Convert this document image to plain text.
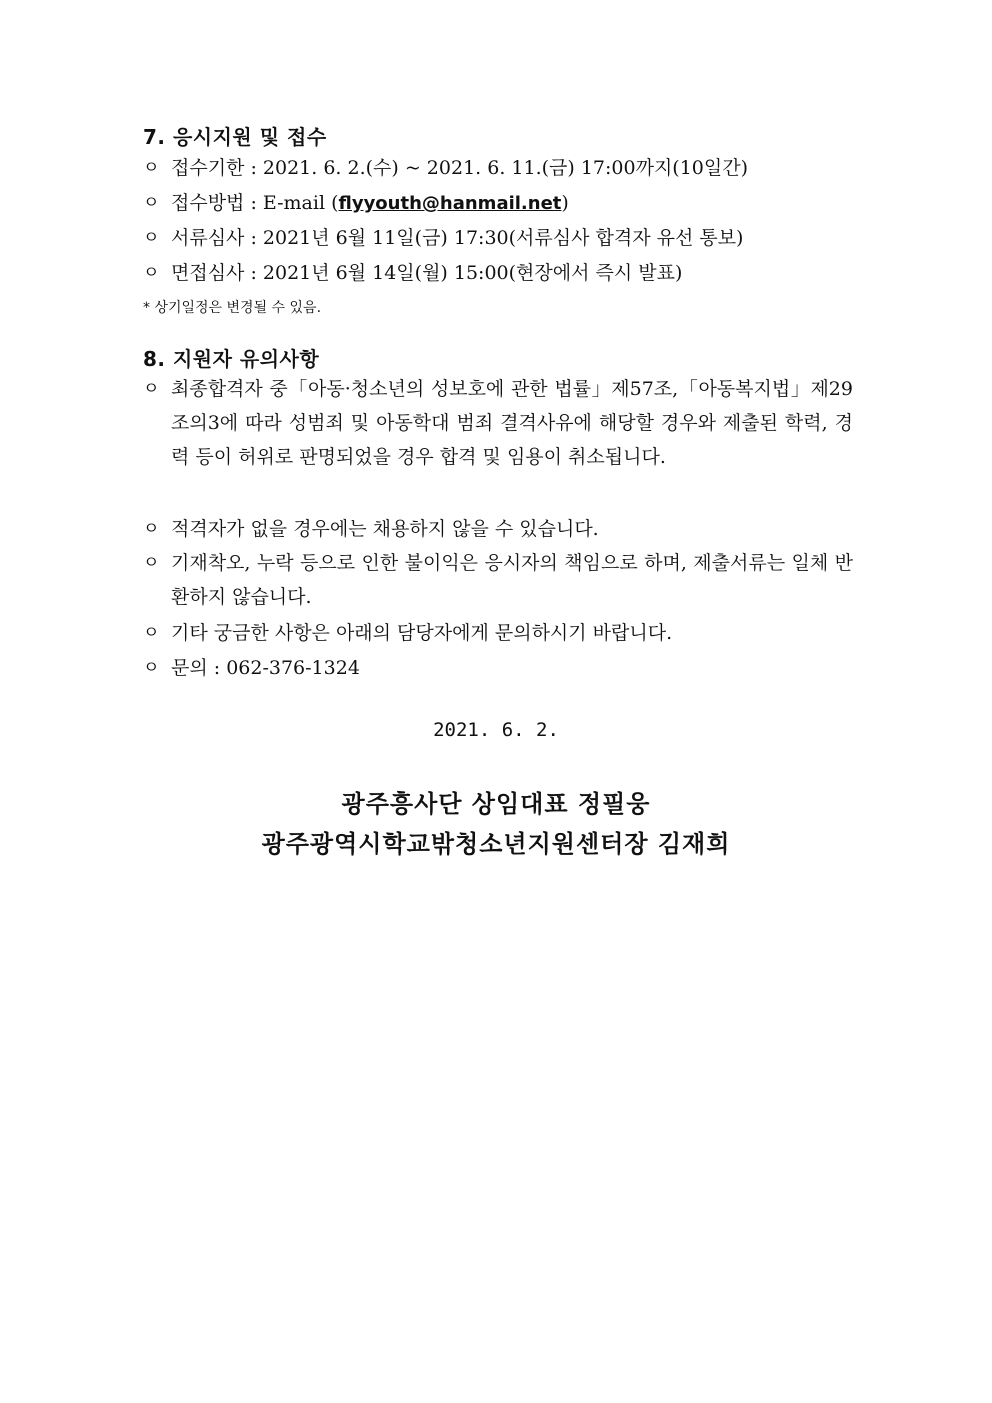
7. 응시지원 및 접수
ㅇ 접수기한 : 2021. 6. 2.(수) ~ 2021. 6. 11.(금) 17:00까지(10일간)
ㅇ 접수방법 : E-mail (flyyouth@hanmail.net)
ㅇ 서류심사 : 2021년 6월 11일(금) 17:30(서류심사 합격자 유선 통보)
ㅇ 면접심사 : 2021년 6월 14일(월) 15:00(현장에서 즉시 발표)
* 상기일정은 변경될 수 있음.
8. 지원자 유의사항
ㅇ 최종합격자 중「아동·청소년의 성보호에 관한 법률」제57조,「아동복지법」제29조의3에 따라 성범죄 및 아동학대 범죄 결격사유에 해당할 경우와 제출된 학력, 경력 등이 허위로 판명되었을 경우 합격 및 임용이 취소됩니다.
ㅇ 적격자가 없을 경우에는 채용하지 않을 수 있습니다.
ㅇ 기재착오, 누락 등으로 인한 불이익은 응시자의 책임으로 하며, 제출서류는 일체 반환하지 않습니다.
ㅇ 기타 궁금한 사항은 아래의 담당자에게 문의하시기 바랍니다.
ㅇ 문의 : 062-376-1324
2021. 6. 2.
광주흥사단 상임대표 정필웅
광주광역시학교밖청소년지원센터장 김재희
